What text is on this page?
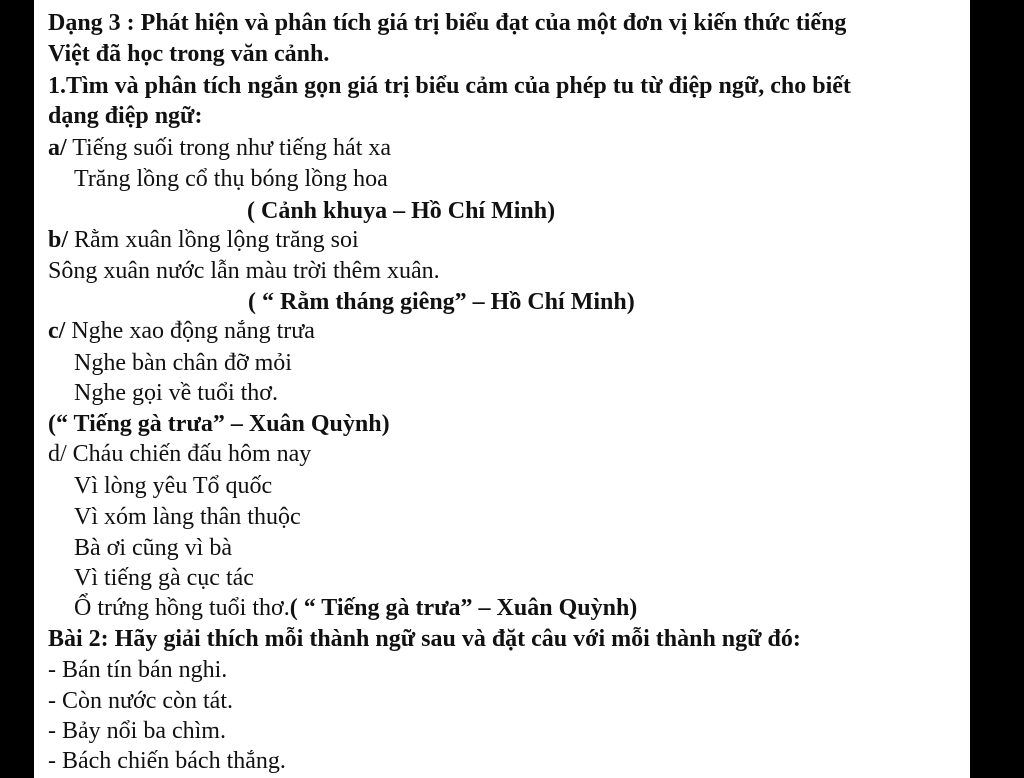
Dạng 3 : Phát hiện và phân tích giá trị biểu đạt của một đơn vị kiến thức tiếng
Việt đã học trong văn cảnh.
1.Tìm và phân tích ngắn gọn giá trị biểu cảm của phép tu từ điệp ngữ, cho biết
dạng điệp ngữ:
a/ Tiếng suối trong như tiếng hát xa
Trăng lồng cổ thụ bóng lồng hoa
( Cảnh khuya – Hồ Chí Minh)
b/ Rằm xuân lồng lộng trăng soi
Sông xuân nước lẫn màu trời thêm xuân.
( “ Rằm tháng giêng” – Hồ Chí Minh)
c/ Nghe xao động nắng trưa
Nghe bàn chân đỡ mỏi
Nghe gọi về tuổi thơ.
(“ Tiếng gà trưa” – Xuân Quỳnh)
d/ Cháu chiến đấu hôm nay
Vì lòng yêu Tổ quốc
Vì xóm làng thân thuộc
Bà ơi cũng vì bà
Vì tiếng gà cục tác
Ổ trứng hồng tuổi thơ.( “ Tiếng gà trưa” – Xuân Quỳnh)
Bài 2: Hãy giải thích mỗi thành ngữ sau và đặt câu với mỗi thành ngữ đó:
- Bán tín bán nghi.
- Còn nước còn tát.
- Bảy nổi ba chìm.
- Bách chiến bách thắng.
